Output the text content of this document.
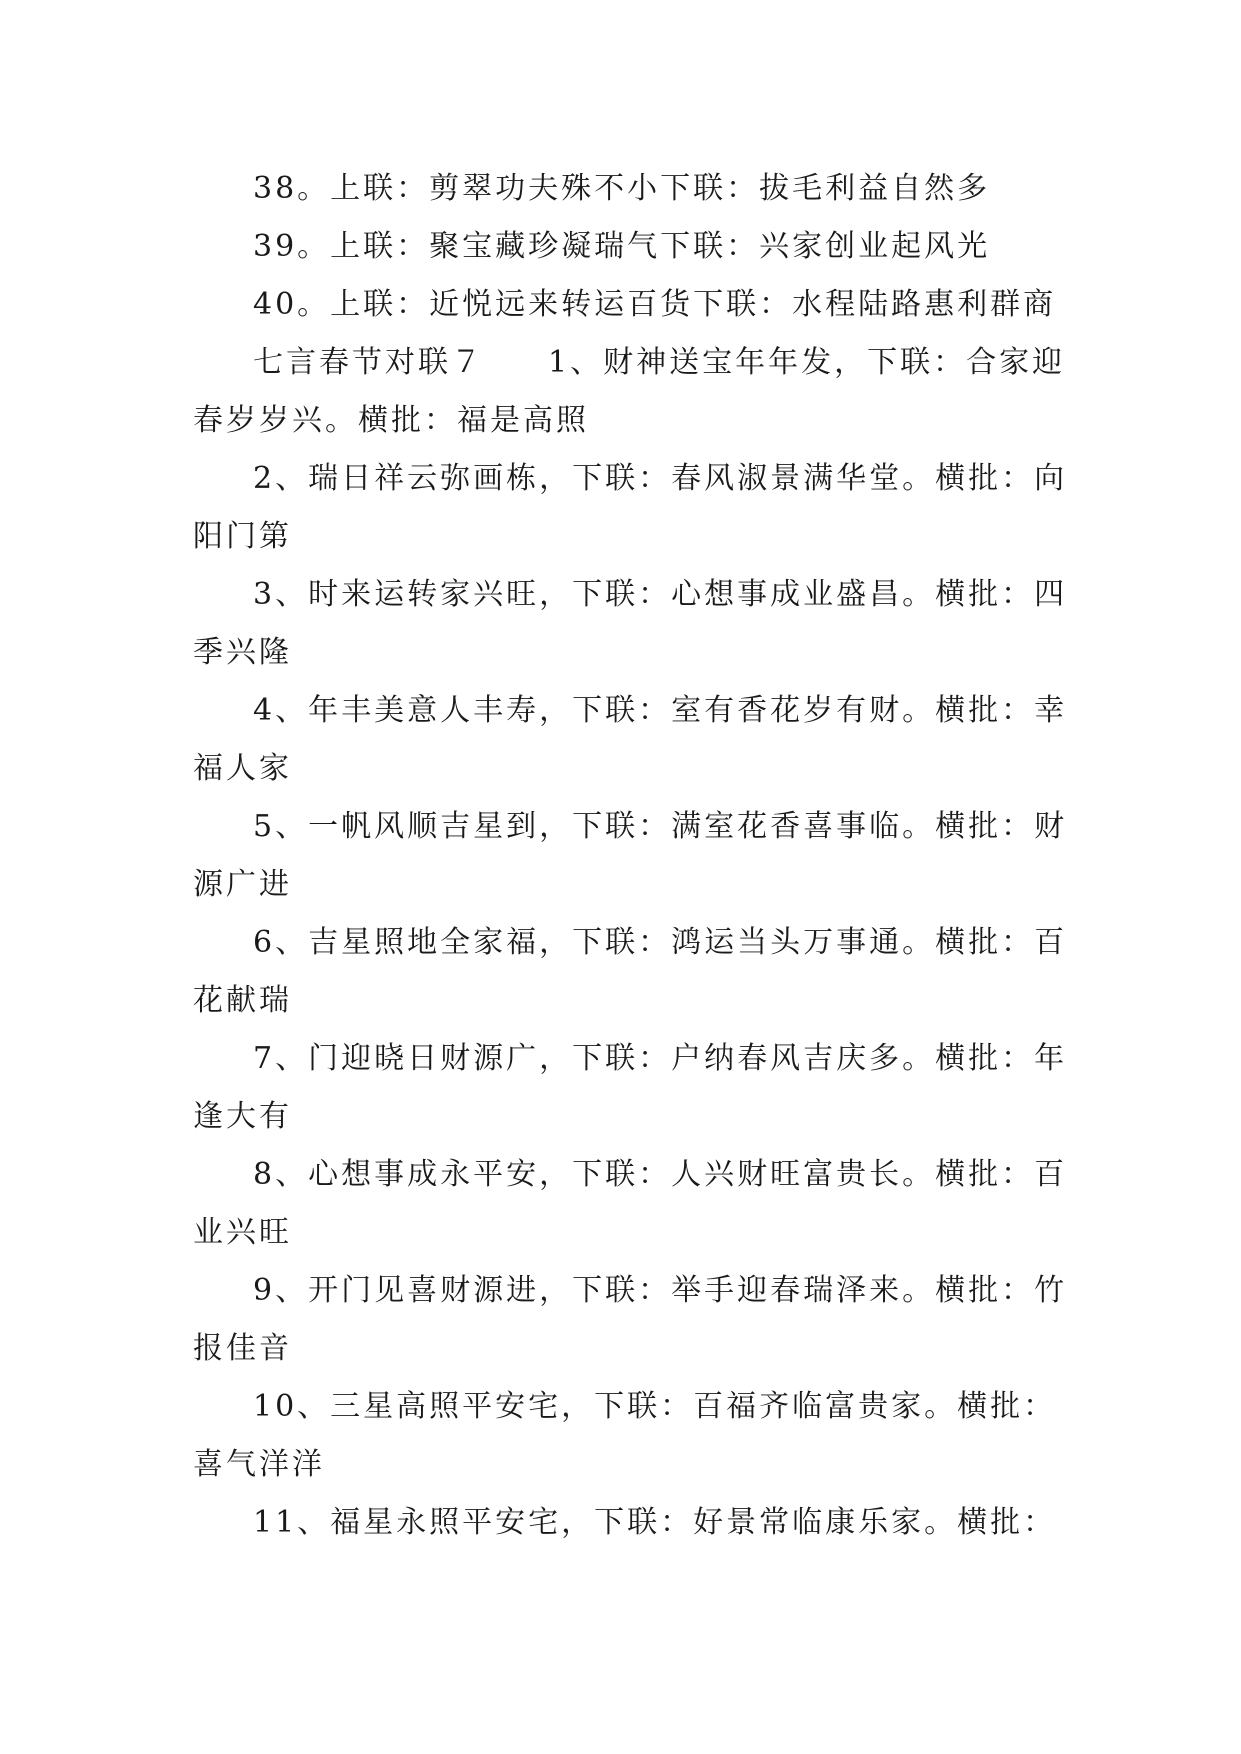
38。上联：剪翠功夫殊不小下联：拔毛利益自然多

39。上联：聚宝藏珍凝瑞气下联：兴家创业起风光

40。上联：近悦远来转运百货下联：水程陆路惠利群商

七言春节对联７ 1、财神送宝年年发，下联：合家迎春岁岁兴。横批：福是高照

2、瑞日祥云弥画栋，下联：春风淑景满华堂。横批：向阳门第

3、时来运转家兴旺，下联：心想事成业盛昌。横批：四季兴隆

4、年丰美意人丰寿，下联：室有香花岁有财。横批：幸福人家

5、一帆风顺吉星到，下联：满室花香喜事临。横批：财源广进

6、吉星照地全家福，下联：鸿运当头万事通。横批：百花献瑞

7、门迎晓日财源广，下联：户纳春风吉庆多。横批：年逢大有

8、心想事成永平安，下联：人兴财旺富贵长。横批：百业兴旺

9、开门见喜财源进，下联：举手迎春瑞泽来。横批：竹报佳音

10、三星高照平安宅，下联：百福齐临富贵家。横批：喜气洋洋

11、福星永照平安宅，下联：好景常临康乐家。横批：
